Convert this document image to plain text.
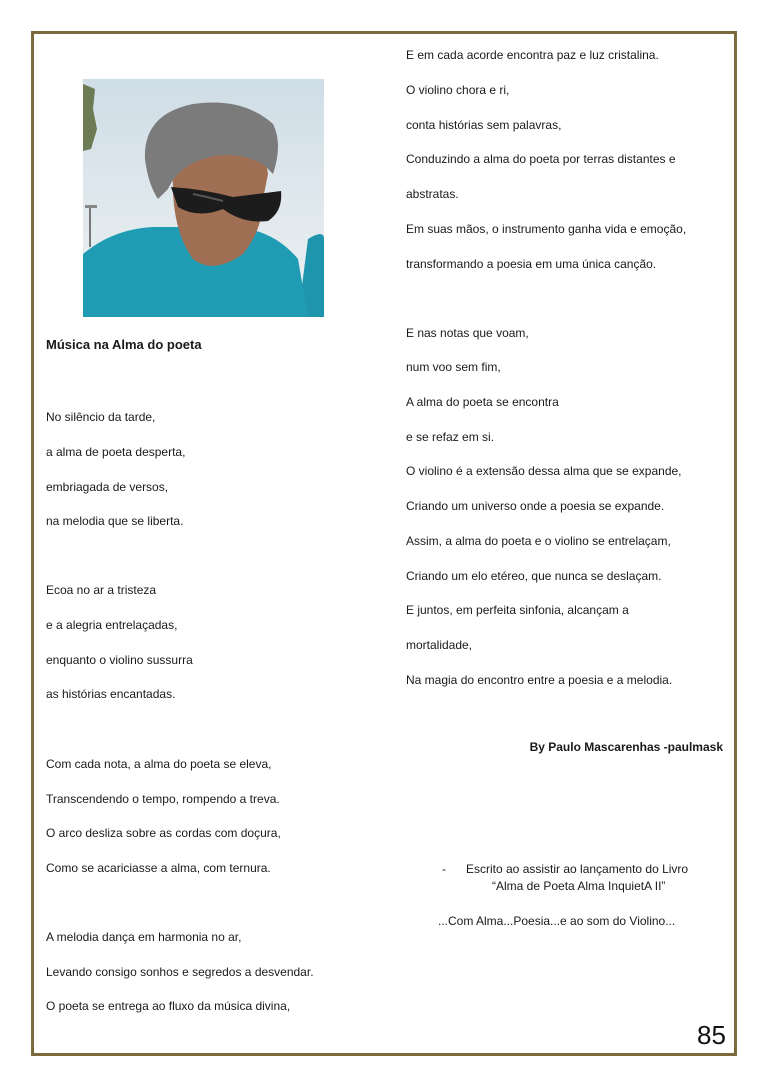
Música na Alma do poeta
No silêncio da tarde,
a alma de poeta desperta,
embriagada de versos,
na melodia que se liberta.
Ecoa no ar a tristeza
e a alegria entrelaçadas,
enquanto o violino sussurra
as histórias encantadas.
Com cada nota, a alma do poeta se eleva,
Transcendendo o tempo, rompendo a treva.
O arco desliza sobre as cordas com doçura,
Como se acariciasse a alma, com ternura.
A melodia dança em harmonia no ar,
Levando consigo sonhos e segredos a desvendar.
O poeta se entrega ao fluxo da música divina,
E em cada acorde encontra paz e luz cristalina.
O violino chora e ri,
conta histórias sem palavras,
Conduzindo a alma do poeta por terras distantes e
abstratas.
Em suas mãos, o instrumento ganha vida e emoção,
transformando a poesia em uma única canção.
E nas notas que voam,
num voo sem fim,
A alma do poeta se encontra
e se refaz em si.
O violino é a extensão dessa alma que se expande,
Criando um universo onde a poesia se expande.
Assim, a alma do poeta e o violino se entrelaçam,
Criando um elo etéreo, que nunca se deslaçam.
E juntos, em perfeita sinfonia, alcançam a
mortalidade,
Na magia do encontro entre a poesia e a melodia.
By Paulo Mascarenhas -paulmask
- Escrito ao assistir ao lançamento do Livro
“Alma de Poeta Alma InquietA II”
...Com Alma...Poesia...e ao som do Violino...
85
